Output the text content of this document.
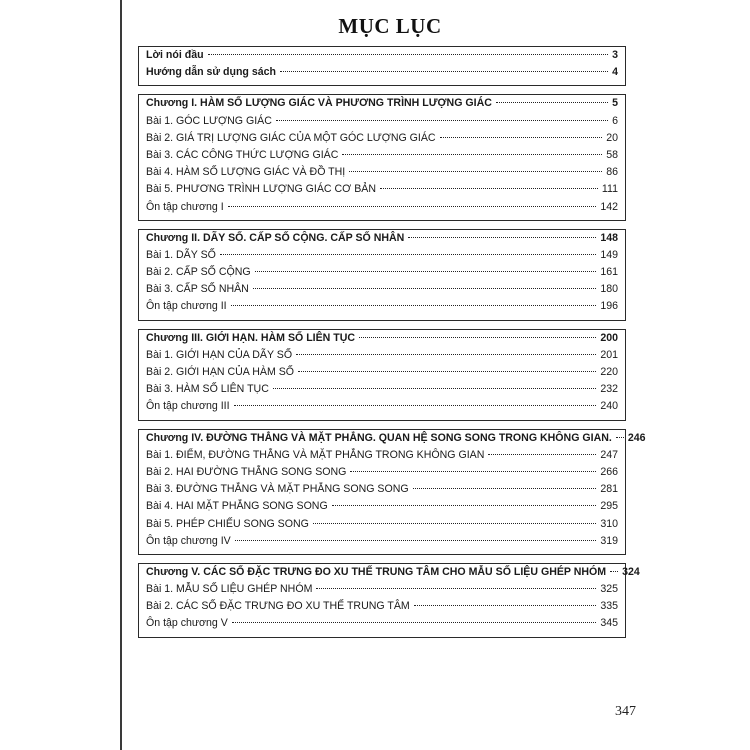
MỤC LỤC
Lời nói đầu	3
Hướng dẫn sử dụng sách	4
Chương I. HÀM SỐ LƯỢNG GIÁC VÀ PHƯƠNG TRÌNH LƯỢNG GIÁC	5
Bài 1. GÓC LƯỢNG GIÁC	6
Bài 2. GIÁ TRỊ LƯỢNG GIÁC CỦA MỘT GÓC LƯỢNG GIÁC	20
Bài 3. CÁC CÔNG THỨC LƯỢNG GIÁC	58
Bài 4. HÀM SỐ LƯỢNG GIÁC VÀ ĐỒ THỊ	86
Bài 5. PHƯƠNG TRÌNH LƯỢNG GIÁC CƠ BẢN	111
Ôn tập chương I	142
Chương II. DÃY SỐ. CẤP SỐ CỘNG. CẤP SỐ NHÂN	148
Bài 1. DÃY SỐ	149
Bài 2. CẤP SỐ CỘNG	161
Bài 3. CẤP SỐ NHÂN	180
Ôn tập chương II	196
Chương III. GIỚI HẠN. HÀM SỐ LIÊN TỤC	200
Bài 1. GIỚI HẠN CỦA DÃY SỐ	201
Bài 2. GIỚI HẠN CỦA HÀM SỐ	220
Bài 3. HÀM SỐ LIÊN TỤC	232
Ôn tập chương III	240
Chương IV. ĐƯỜNG THẲNG VÀ MẶT PHẲNG. QUAN HỆ SONG SONG TRONG KHÔNG GIAN. 246
Bài 1. ĐIỂM, ĐƯỜNG THẲNG VÀ MẶT PHẲNG TRONG KHÔNG GIAN	247
Bài 2. HAI ĐƯỜNG THẲNG SONG SONG	266
Bài 3. ĐƯỜNG THẲNG VÀ MẶT PHẲNG SONG SONG	281
Bài 4. HAI MẶT PHẲNG SONG SONG	295
Bài 5. PHÉP CHIẾU SONG SONG	310
Ôn tập chương IV	319
Chương V. CÁC SỐ ĐẶC TRƯNG ĐO XU THẾ TRUNG TÂM CHO MẪU SỐ LIỆU GHÉP NHÓM 324
Bài 1. MẪU SỐ LIỆU GHÉP NHÓM	325
Bài 2. CÁC SỐ ĐẶC TRƯNG ĐO XU THẾ TRUNG TÂM	335
Ôn tập chương V	345
347
